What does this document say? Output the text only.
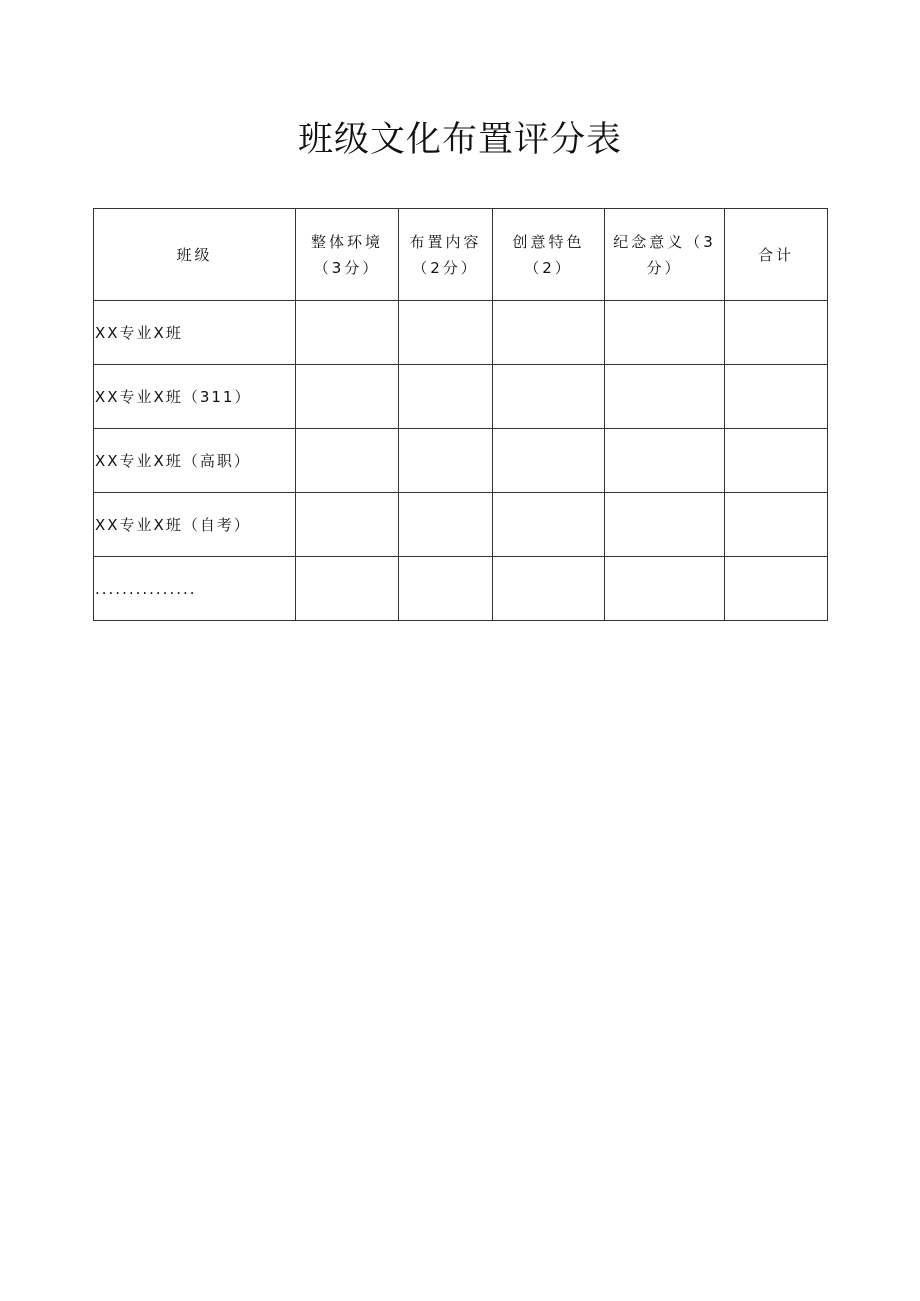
班级文化布置评分表
班级	整体环境（3分）	布置内容（2分）	创意特色（2）	纪念意义（3分）	合计
XX专业X班					
XX专业X班（311）					
XX专业X班（高职）					
XX专业X班（自考）					
...............					
